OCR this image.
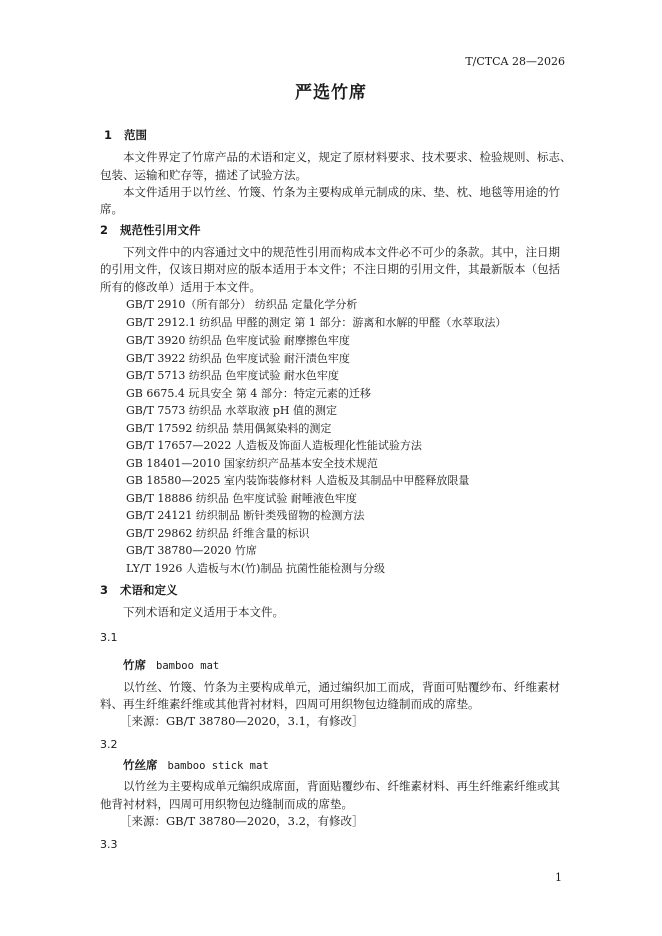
T/CTCA 28—2026
严选竹席
1 范围
本文件界定了竹席产品的术语和定义，规定了原材料要求、技术要求、检验规则、标志、
包装、运输和贮存等，描述了试验方法。
本文件适用于以竹丝、竹篾、竹条为主要构成单元制成的床、垫、枕、地毯等用途的竹
席。
2 规范性引用文件
下列文件中的内容通过文中的规范性引用而构成本文件必不可少的条款。其中，注日期
的引用文件，仅该日期对应的版本适用于本文件；不注日期的引用文件，其最新版本（包括
所有的修改单）适用于本文件。
GB/T 2910（所有部分） 纺织品 定量化学分析
GB/T 2912.1 纺织品 甲醛的测定 第 1 部分：游离和水解的甲醛（水萃取法）
GB/T 3920 纺织品 色牢度试验 耐摩擦色牢度
GB/T 3922 纺织品 色牢度试验 耐汗渍色牢度
GB/T 5713 纺织品 色牢度试验 耐水色牢度
GB 6675.4 玩具安全 第 4 部分：特定元素的迁移
GB/T 7573 纺织品 水萃取液 pH 值的测定
GB/T 17592 纺织品 禁用偶氮染料的测定
GB/T 17657—2022 人造板及饰面人造板理化性能试验方法
GB 18401—2010 国家纺织产品基本安全技术规范
GB 18580—2025 室内装饰装修材料 人造板及其制品中甲醛释放限量
GB/T 18886 纺织品 色牢度试验 耐唾液色牢度
GB/T 24121 纺织制品 断针类残留物的检测方法
GB/T 29862 纺织品 纤维含量的标识
GB/T 38780—2020 竹席
LY/T 1926 人造板与木(竹)制品 抗菌性能检测与分级
3 术语和定义
下列术语和定义适用于本文件。
3.1
竹席 bamboo mat
以竹丝、竹篾、竹条为主要构成单元，通过编织加工而成，背面可贴覆纱布、纤维素材
料、再生纤维素纤维或其他背衬材料，四周可用织物包边缝制而成的席垫。
［来源：GB/T 38780—2020，3.1，有修改］
3.2
竹丝席 bamboo stick mat
以竹丝为主要构成单元编织成席面，背面贴覆纱布、纤维素材料、再生纤维素纤维或其
他背衬材料，四周可用织物包边缝制而成的席垫。
［来源：GB/T 38780—2020，3.2，有修改］
3.3
1
